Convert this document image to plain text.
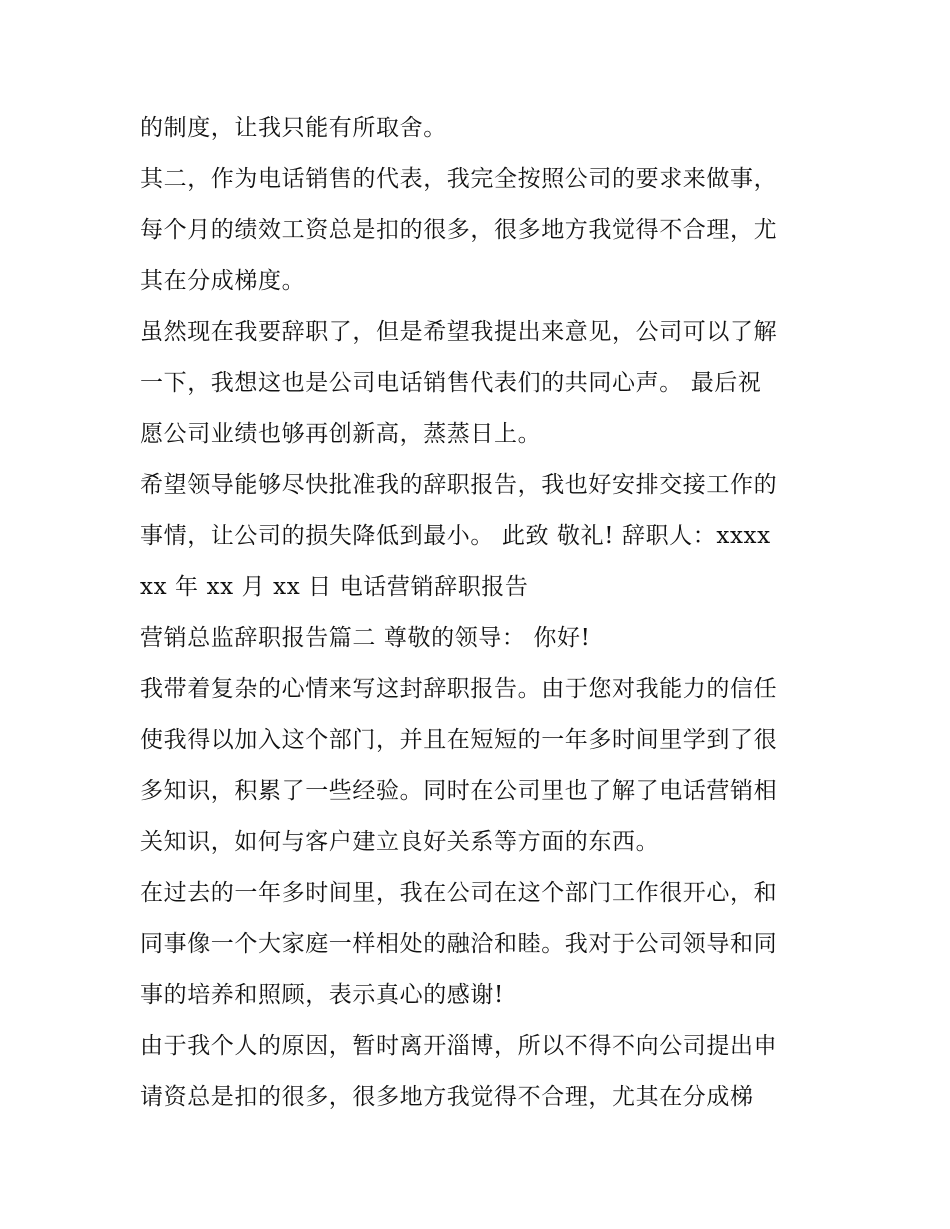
的制度，让我只能有所取舍。
其二，作为电话销售的代表，我完全按照公司的要求来做事，
每个月的绩效工资总是扣的很多，很多地方我觉得不合理，尤
其在分成梯度。
虽然现在我要辞职了，但是希望我提出来意见，公司可以了解
一下，我想这也是公司电话销售代表们的共同心声。 最后祝
愿公司业绩也够再创新高，蒸蒸日上。
希望领导能够尽快批准我的辞职报告，我也好安排交接工作的
事情，让公司的损失降低到最小。 此致 敬礼! 辞职人：xxxx
xx 年 xx 月 xx 日 电话营销辞职报告
营销总监辞职报告篇二 尊敬的领导： 你好!
我带着复杂的心情来写这封辞职报告。由于您对我能力的信任
使我得以加入这个部门，并且在短短的一年多时间里学到了很
多知识，积累了一些经验。同时在公司里也了解了电话营销相
关知识，如何与客户建立良好关系等方面的东西。
在过去的一年多时间里，我在公司在这个部门工作很开心，和
同事像一个大家庭一样相处的融洽和睦。我对于公司领导和同
事的培养和照顾，表示真心的感谢!
由于我个人的原因，暂时离开淄博，所以不得不向公司提出申
请资总是扣的很多，很多地方我觉得不合理，尤其在分成梯
